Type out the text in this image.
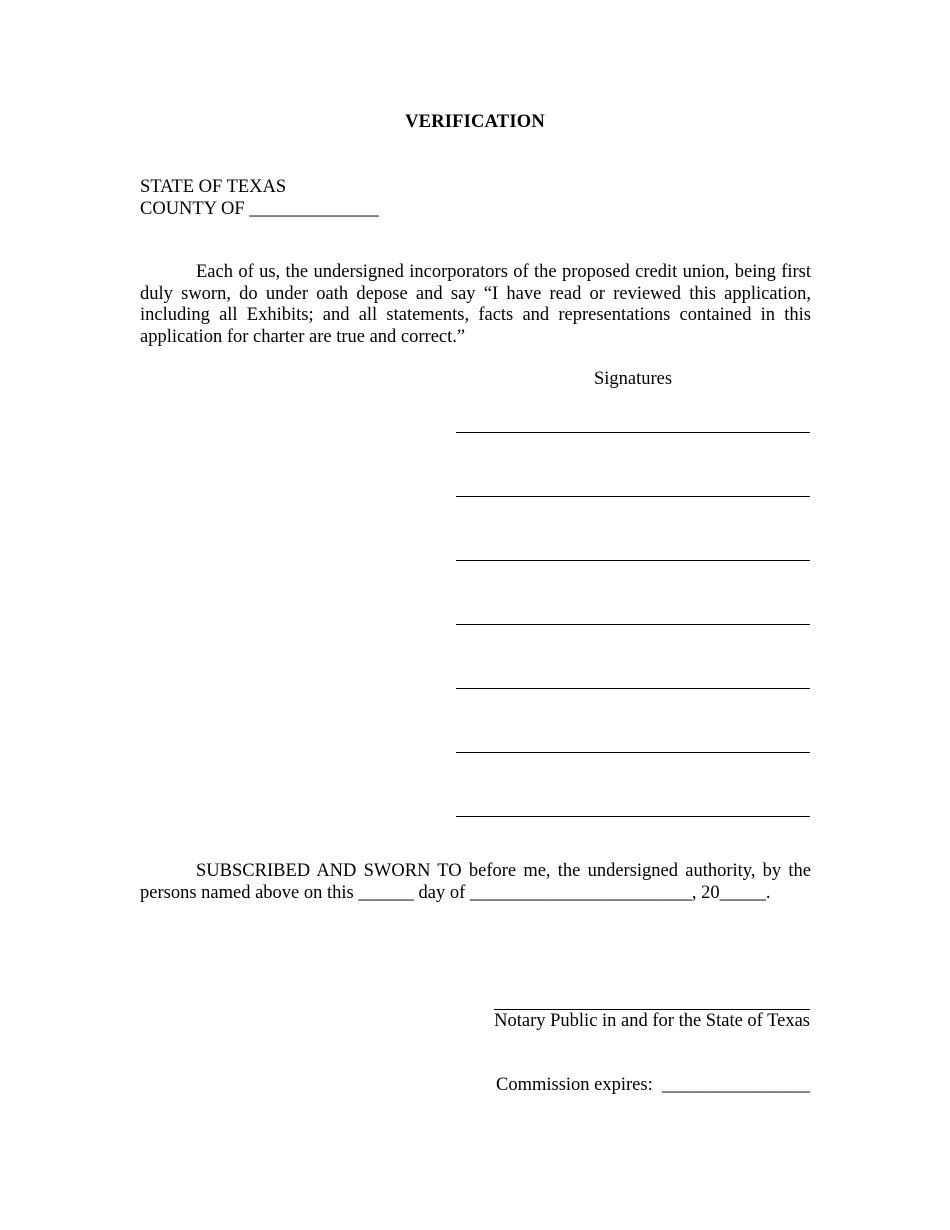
VERIFICATION
STATE OF TEXAS
COUNTY OF ______________
Each of us, the undersigned incorporators of the proposed credit union, being first duly sworn, do under oath depose and say “I have read or reviewed this application, including all Exhibits; and all statements, facts and representations contained in this application for charter are true and correct.”
Signatures
SUBSCRIBED AND SWORN TO before me, the undersigned authority, by the persons named above on this ______ day of ________________________, 20_____.
Notary Public in and for the State of Texas
Commission expires:  ________________
